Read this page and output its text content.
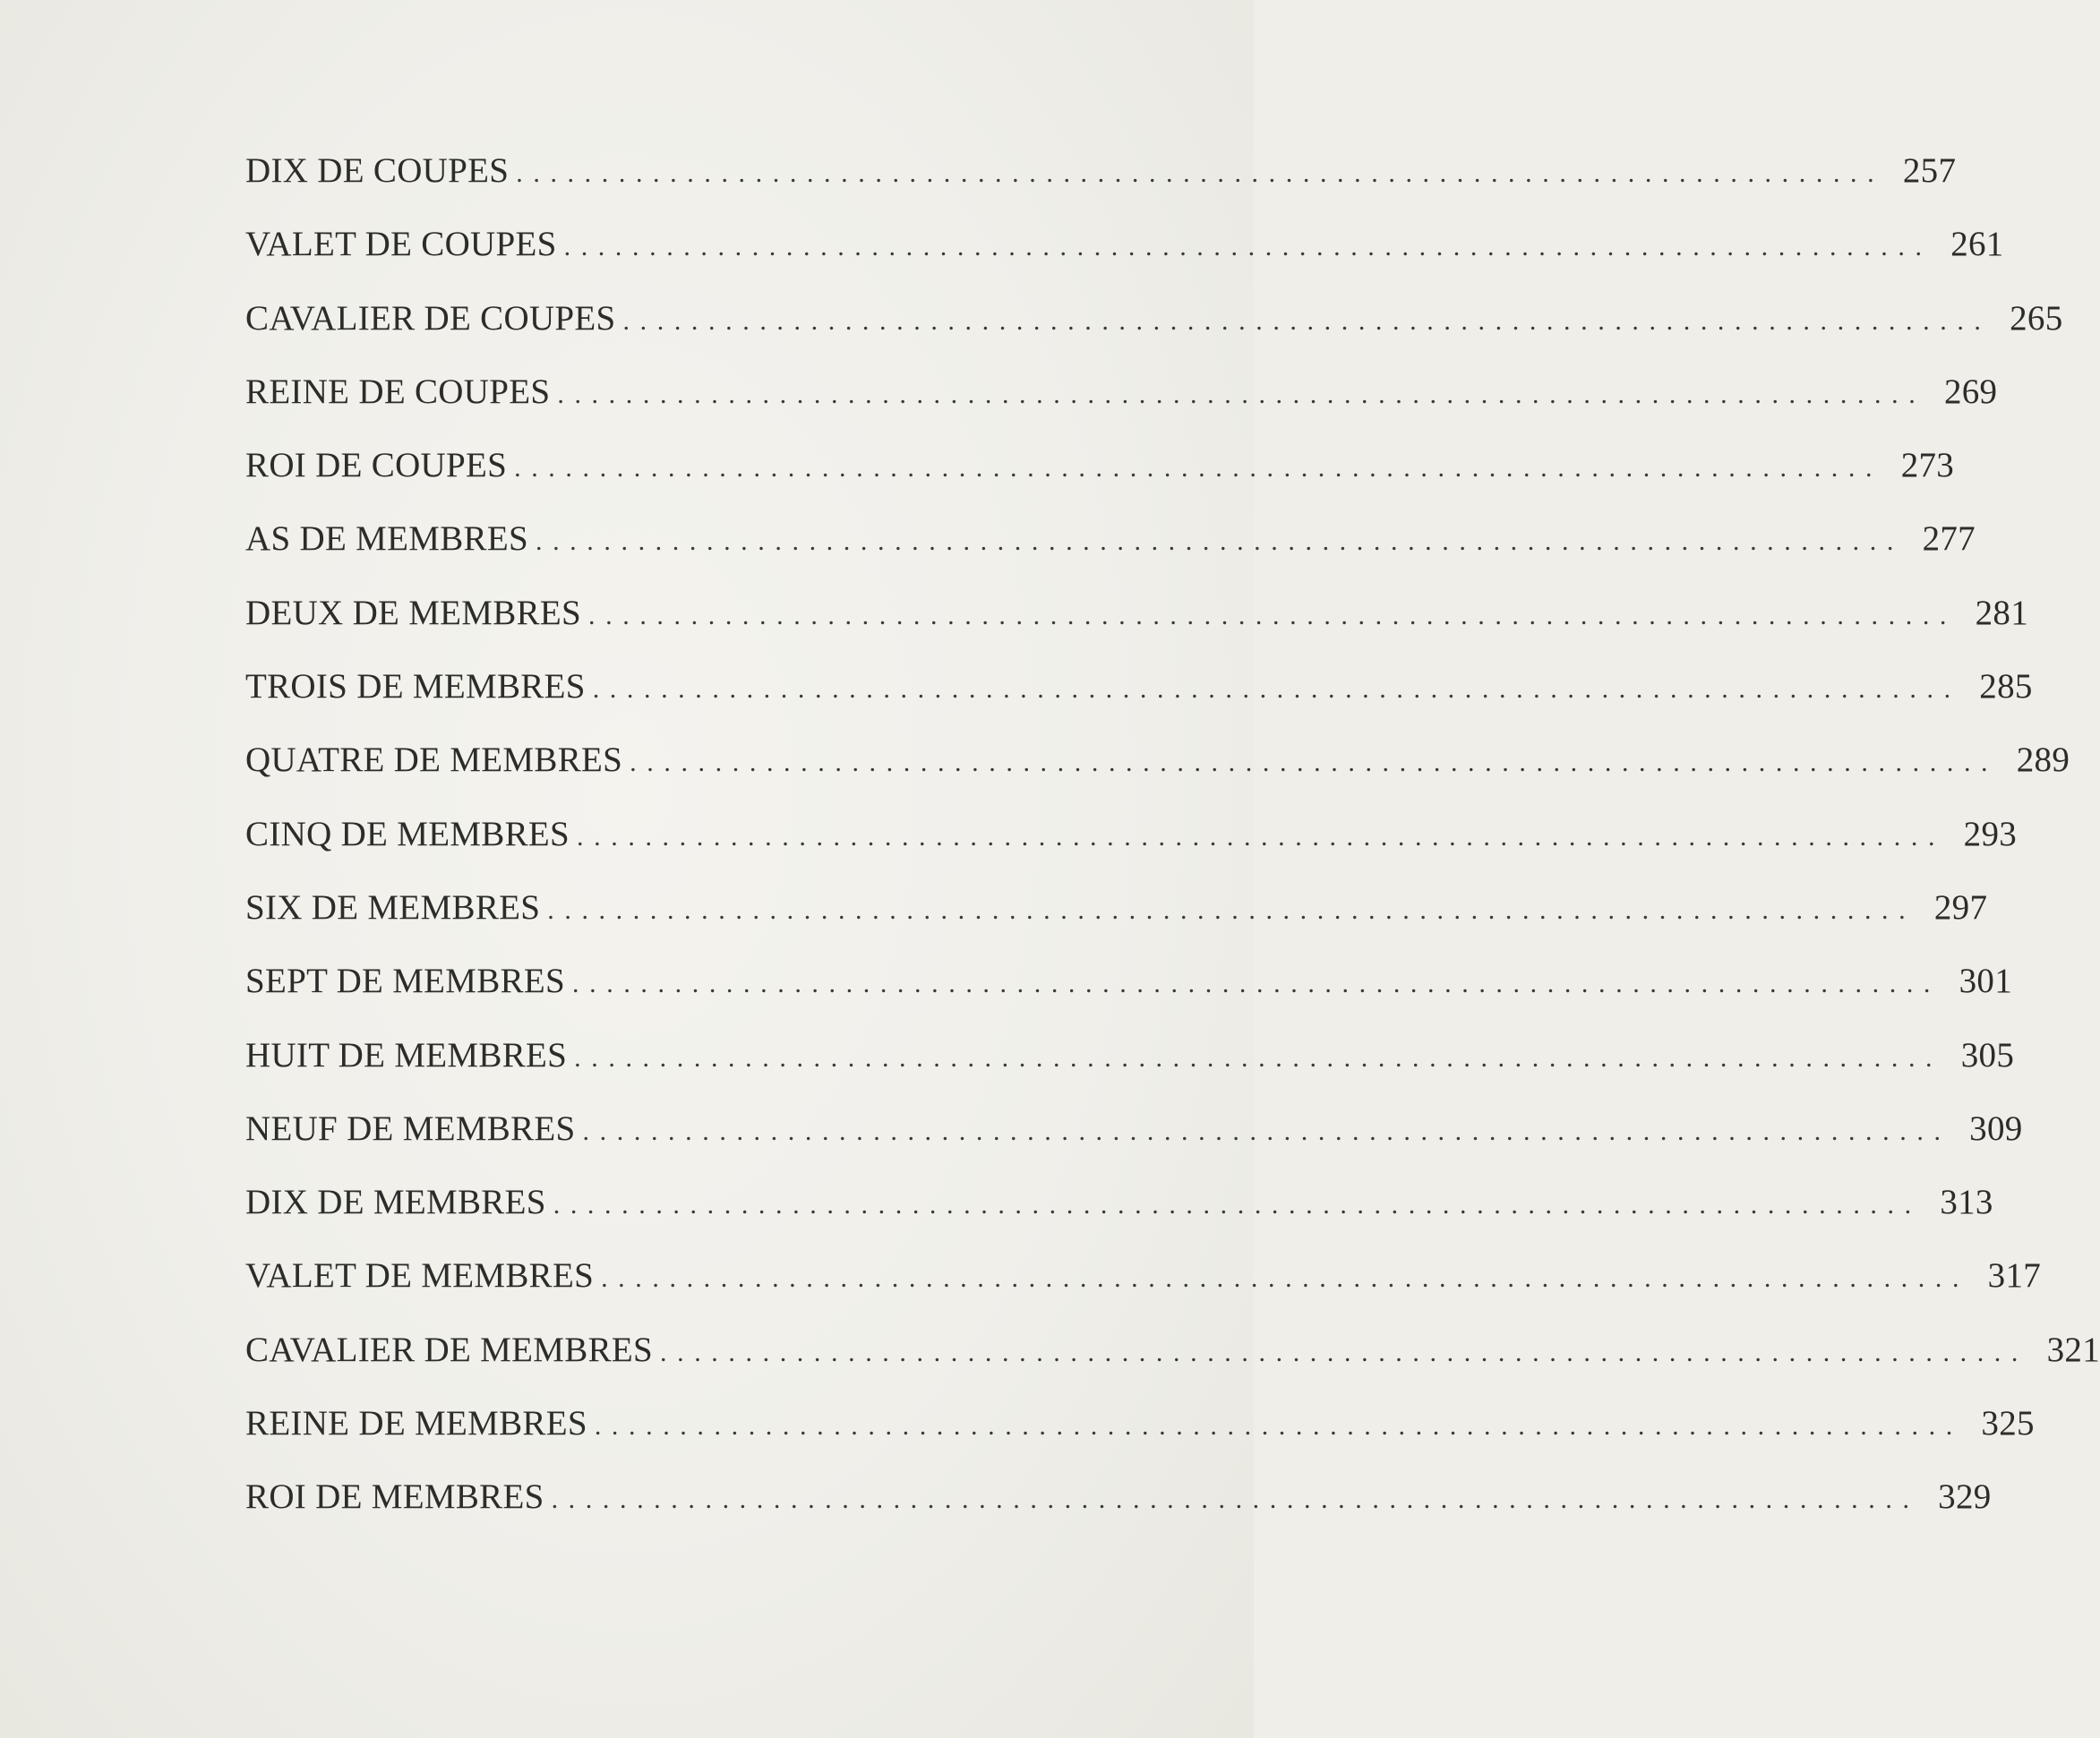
DIX DE COUPES ................................................................................ 257
VALET DE COUPES ................................................................................ 261
CAVALIER DE COUPES ................................................................................ 265
REINE DE COUPES ................................................................................ 269
ROI DE COUPES ................................................................................ 273
AS DE MEMBRES ................................................................................ 277
DEUX DE MEMBRES ................................................................................ 281
TROIS DE MEMBRES ................................................................................ 285
QUATRE DE MEMBRES ................................................................................ 289
CINQ DE MEMBRES ................................................................................ 293
SIX DE MEMBRES ................................................................................ 297
SEPT DE MEMBRES ................................................................................ 301
HUIT DE MEMBRES ................................................................................ 305
NEUF DE MEMBRES ................................................................................ 309
DIX DE MEMBRES ................................................................................ 313
VALET DE MEMBRES ................................................................................ 317
CAVALIER DE MEMBRES ................................................................................ 321
REINE DE MEMBRES ................................................................................ 325
ROI DE MEMBRES ................................................................................ 329
